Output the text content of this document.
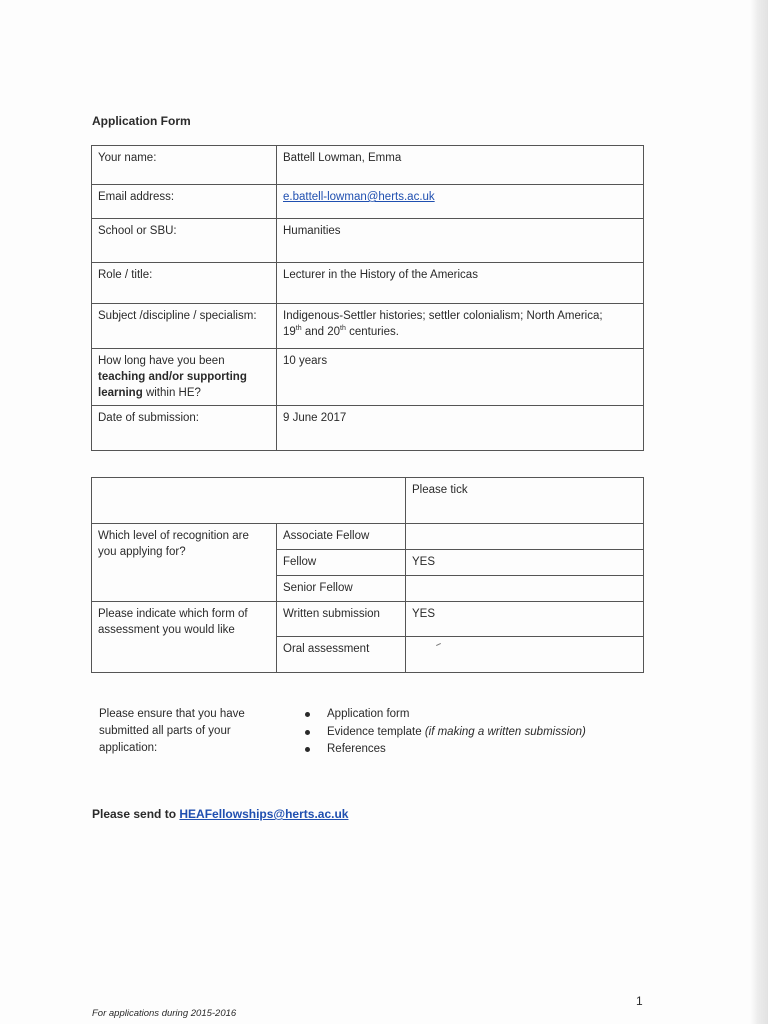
Application Form
Your name:	Battell Lowman, Emma
Email address:	e.battell-lowman@herts.ac.uk
School or SBU:	Humanities
Role / title:	Lecturer in the History of the Americas
Subject /discipline / specialism:	Indigenous-Settler histories; settler colonialism; North America;
19th and 20th centuries.
How long have you been teaching and/or supporting learning within HE?	10 years
Date of submission:	9 June 2017
		Please tick
Which level of recognition are you applying for?	Associate Fellow	
	Fellow	YES
	Senior Fellow	
Please indicate which form of assessment you would like	Written submission	YES
	Oral assessment	
Please ensure that you have submitted all parts of your application:
Application form
Evidence template (if making a written submission)
References
Please send to HEAFellowships@herts.ac.uk
1
For applications during 2015-2016
